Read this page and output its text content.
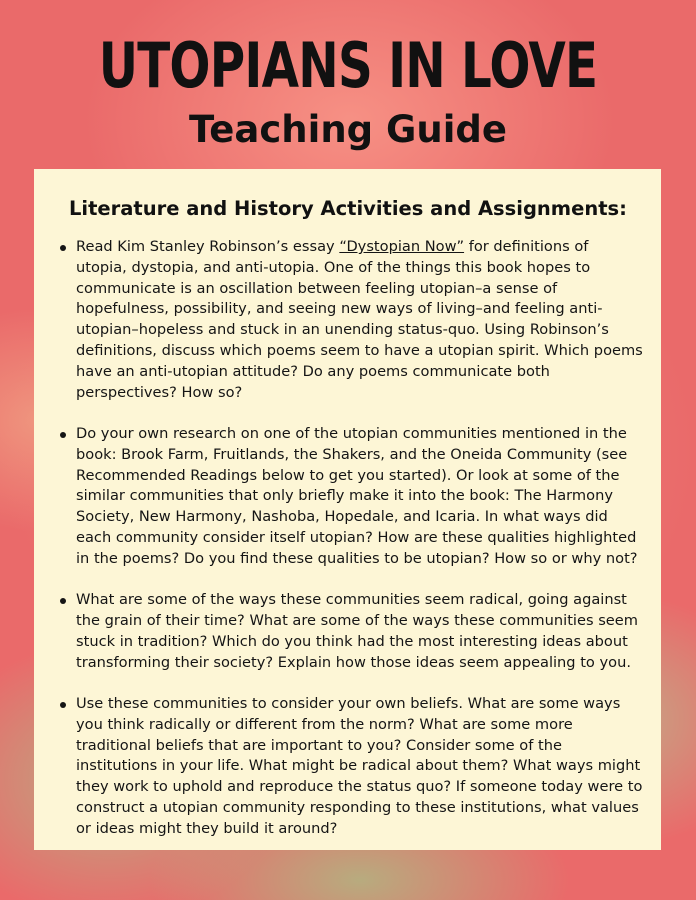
UTOPIANS IN LOVE
Teaching Guide
Literature and History Activities and Assignments:
Read Kim Stanley Robinson’s essay “Dystopian Now” for definitions of utopia, dystopia, and anti-utopia. One of the things this book hopes to communicate is an oscillation between feeling utopian–a sense of hopefulness, possibility, and seeing new ways of living–and feeling anti-utopian–hopeless and stuck in an unending status-quo. Using Robinson’s definitions, discuss which poems seem to have a utopian spirit. Which poems have an anti-utopian attitude? Do any poems communicate both perspectives? How so?
Do your own research on one of the utopian communities mentioned in the book: Brook Farm, Fruitlands, the Shakers, and the Oneida Community (see Recommended Readings below to get you started). Or look at some of the similar communities that only briefly make it into the book: The Harmony Society, New Harmony, Nashoba, Hopedale, and Icaria. In what ways did each community consider itself utopian? How are these qualities highlighted in the poems? Do you find these qualities to be utopian? How so or why not?
What are some of the ways these communities seem radical, going against the grain of their time? What are some of the ways these communities seem stuck in tradition? Which do you think had the most interesting ideas about transforming their society? Explain how those ideas seem appealing to you.
Use these communities to consider your own beliefs. What are some ways you think radically or different from the norm? What are some more traditional beliefs that are important to you? Consider some of the institutions in your life. What might be radical about them? What ways might they work to uphold and reproduce the status quo? If someone today were to construct a utopian community responding to these institutions, what values or ideas might they build it around?
